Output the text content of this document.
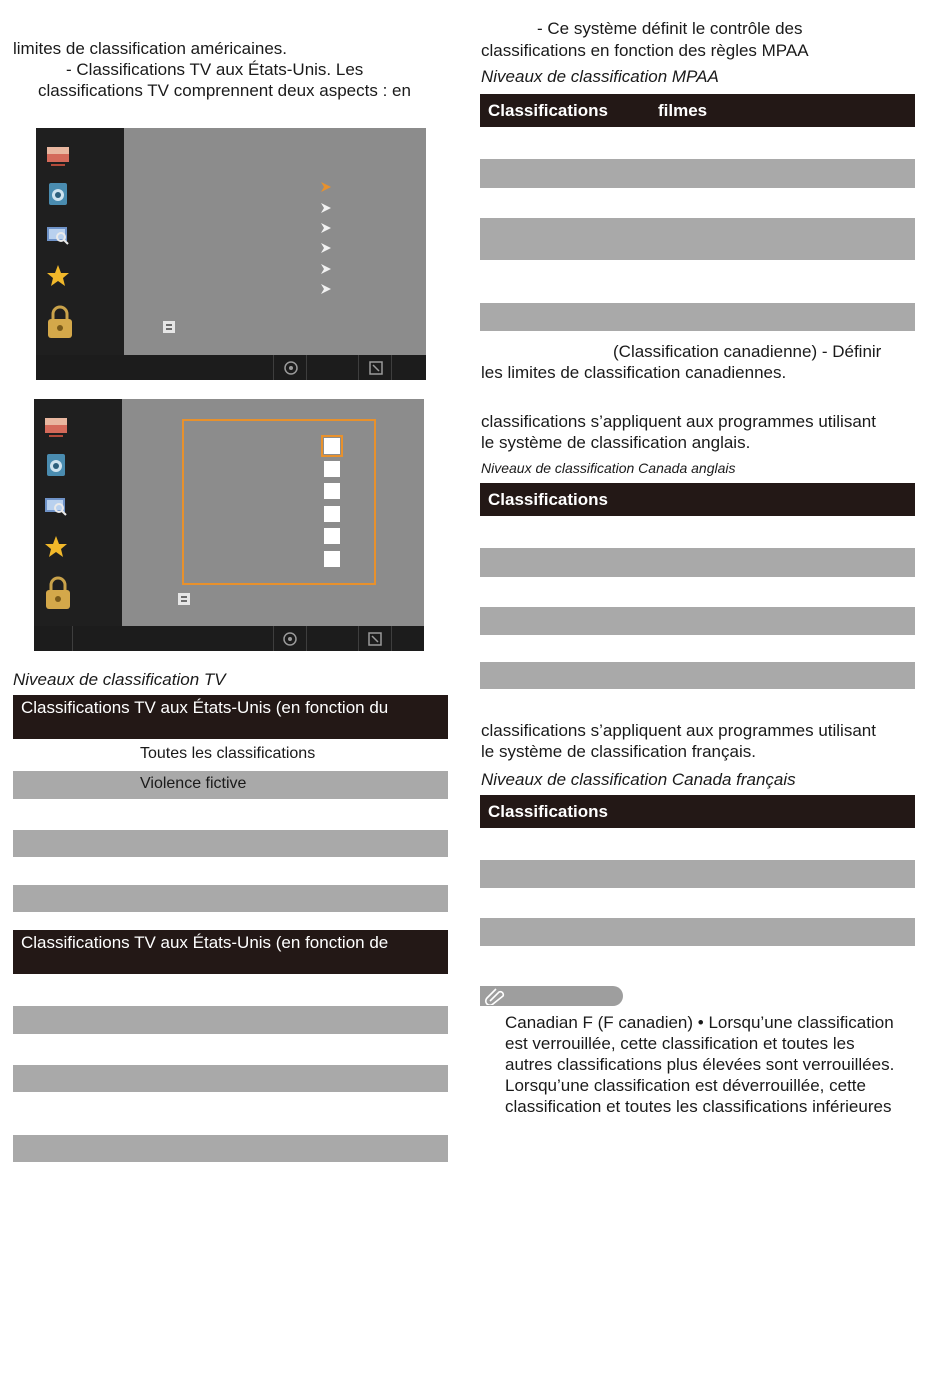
limites de classification américaines.
- Classifications TV aux États-Unis. Les
classifications TV comprennent deux aspects : en
Niveaux de classification TV
Classifications TV aux États-Unis (en fonction du
Toutes les classifications
Violence fictive
Classifications TV aux États-Unis (en fonction de
- Ce système définit le contrôle des
classifications en fonction des règles MPAA
Niveaux de classification MPAA
Classifications	filmes
(Classification canadienne) - Définir
les limites de classification canadiennes.
classifications s’appliquent aux programmes utilisant
le système de classification anglais.
Niveaux de classification Canada anglais
Classifications
classifications s’appliquent aux programmes utilisant
le système de classification français.
Niveaux de classification Canada français
Classifications
Canadian F (F canadien) • Lorsqu’une classification
est verrouillée, cette classification et toutes les
autres classifications plus élevées sont verrouillées.
Lorsqu’une classification est déverrouillée, cette
classification et toutes les classifications inférieures
